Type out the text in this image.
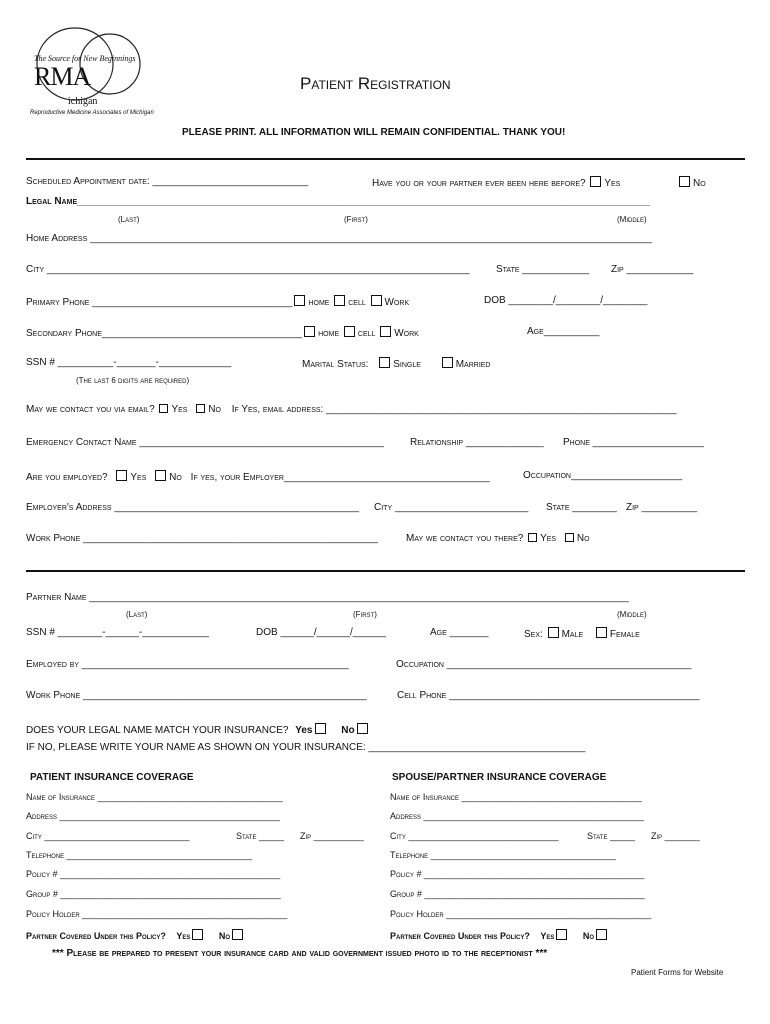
The Source for New Beginnings
RMA
ichigan
Reproductive Medicine Associates of Michigan
Patient Registration
PLEASE PRINT. ALL INFORMATION WILL REMAIN CONFIDENTIAL. THANK YOU!
Scheduled Appointment date: ____________________________	Have you or your partner ever been here before? Yes	No
Legal Name_______________________________________________________________________________________________________
(Last)	(First)	(Middle)
Home Address _____________________________________________________________________________________________________
City ____________________________________________________________________________	State ____________ Zip ____________
Primary Phone ____________________________________ home cell Work	DOB ________/________/________
Secondary Phone____________________________________ home cell Work	Age__________
SSN # __________-_______-_____________
(The last 6 digits are required)
Marital Status: Single	Married
May we contact you via email? Yes No If Yes, email address: _______________________________________________________________
Emergency Contact Name ____________________________________________	Relationship ______________ Phone ____________________
Are you employed? Yes No If yes, your Employer_____________________________________	Occupation____________________
Employer's Address ____________________________________________ City ________________________ State ________ Zip __________
Work Phone _____________________________________________________	May we contact you there? Yes No
Partner Name _________________________________________________________________________________________________
(Last)	(First)	(Middle)
SSN # ________-______-____________	DOB ______/______/______	Age _______	Sex: Male	Female
Employed by ________________________________________________	Occupation ____________________________________________
Work Phone ___________________________________________________	Cell Phone _____________________________________________
DOES YOUR LEGAL NAME MATCH YOUR INSURANCE? Yes	No
IF NO, PLEASE WRITE YOUR NAME AS SHOWN ON YOUR INSURANCE: _______________________________________
PATIENT INSURANCE COVERAGE	SPOUSE/PARTNER INSURANCE COVERAGE
Name of Insurance _____________________________________	Name of Insurance ____________________________________
Address ____________________________________________	Address ____________________________________________
City _____________________________	State _____ Zip __________	City ______________________________	State _____ Zip _______
Telephone _____________________________________	Telephone _____________________________________
Policy # ____________________________________________	Policy # ____________________________________________
Group # ____________________________________________	Group # ____________________________________________
Policy Holder _________________________________________	Policy Holder _________________________________________
Partner Covered Under this Policy? Yes	No	Partner Covered Under this Policy? Yes	No
*** Please be prepared to present your insurance card and valid government issued photo id to the receptionist ***
Patient Forms for Website
